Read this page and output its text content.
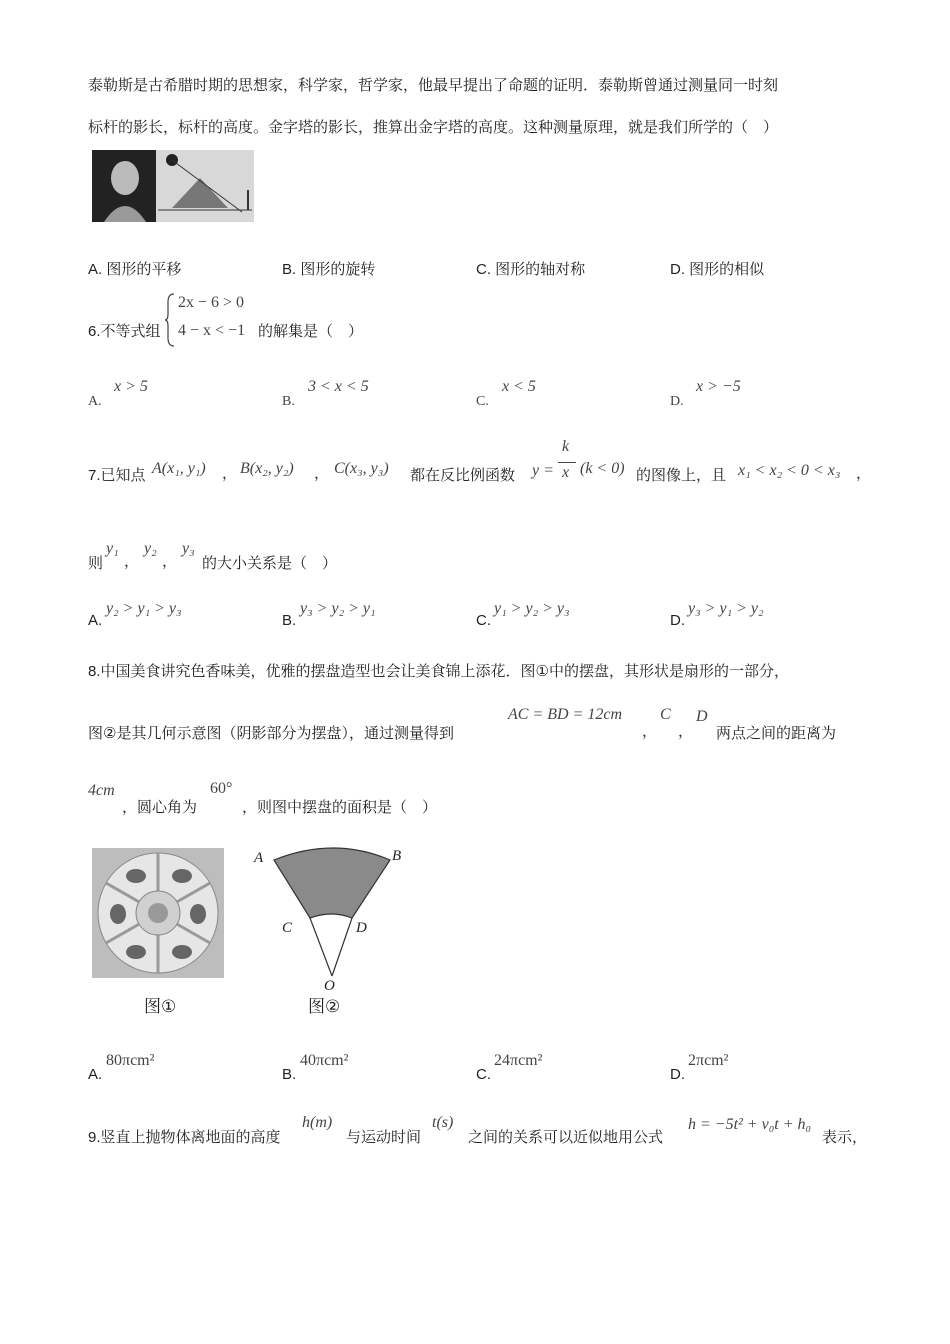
泰勒斯是古希腊时期的思想家，科学家，哲学家，他最早提出了命题的证明．泰勒斯曾通过测量同一时刻
标杆的影长，标杆的高度。金字塔的影长，推算出金字塔的高度。这种测量原理，就是我们所学的（　）
A. 图形的平移	B. 图形的旋转	C. 图形的轴对称	D. 图形的相似
6.不等式组
2x − 6 > 0
4 − x < −1 的解集是（　）
A.
x > 5
B.
3 < x < 5
C.
x < 5
D.
x > −5
7.已知点 A(x₁, y₁) ， B(x₂, y₂) ， C(x₃, y₃) 都在反比例函数 y =
k
x (k < 0) 的图像上，且 x₁ < x₂ < 0 < x₃ ，
则
y₁
，
y₂
，
y₃
的大小关系是（　）
A.
y₂ > y₁ > y₃
B.
y₃ > y₂ > y₁
C.
y₁ > y₂ > y₃
D.
y₃ > y₁ > y₂
8.中国美食讲究色香味美，优雅的摆盘造型也会让美食锦上添花．图①中的摆盘，其形状是扇形的一部分，
图②是其几何示意图（阴影部分为摆盘），通过测量得到
AC = BD = 12cm
，
C
，
D
两点之间的距离为
4cm
，圆心角为
60°
，则图中摆盘的面积是（　）
图①
A	B
C	D
O
图②
A.
80πcm²
B.
40πcm²
C.
24πcm²
D.
2πcm²
9.竖直上抛物体离地面的高度
h(m)
与运动时间
t(s)
之间的关系可以近似地用公式
h = −5t² + v₀t + h₀
表示，
